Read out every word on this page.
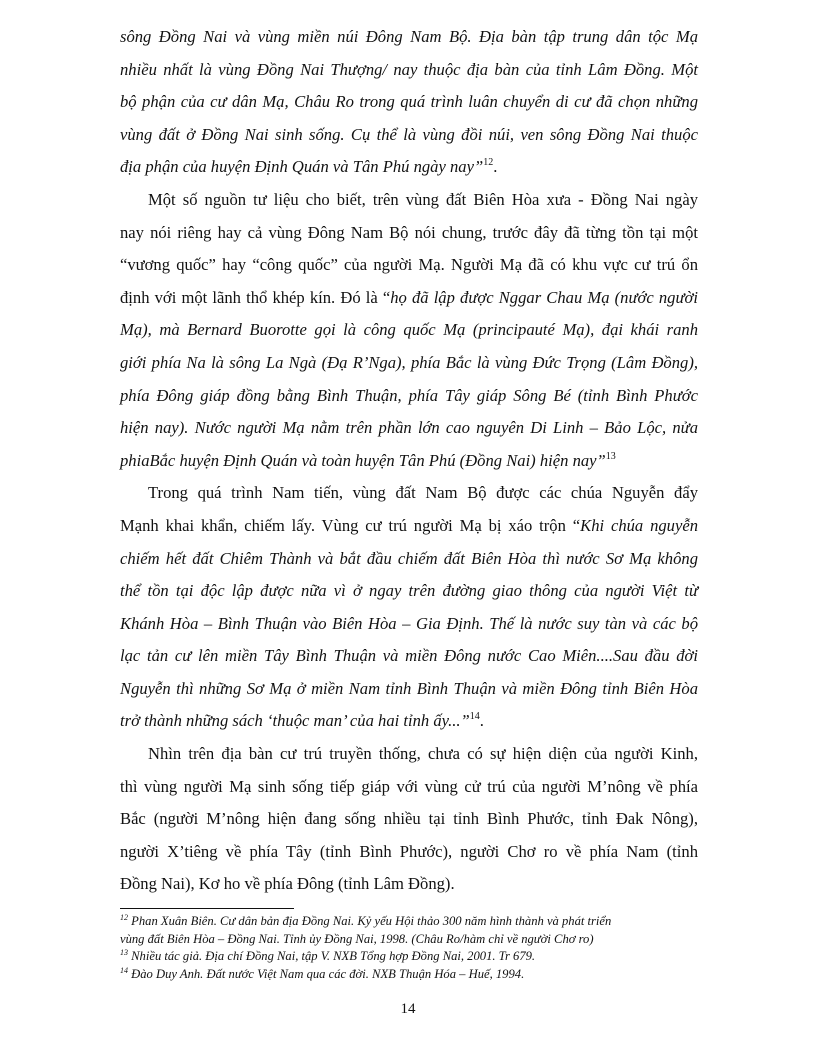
sông Đồng Nai và vùng miền núi Đông Nam Bộ. Địa bàn tập trung dân tộc Mạ
nhiều nhất là vùng Đồng Nai Thượng/ nay thuộc địa bàn của tỉnh Lâm Đồng. Một
bộ phận của cư dân Mạ, Châu Ro trong quá trình luân chuyển di cư đã chọn những
vùng đất ở Đồng Nai sinh sống. Cụ thể là vùng đồi núi, ven sông Đồng Nai thuộc
địa phận của huyện Định Quán và Tân Phú ngày nay”$^{12}$.
Một số nguồn tư liệu cho biết, trên vùng đất Biên Hòa xưa - Đồng Nai ngày
nay nói riêng hay cả vùng Đông Nam Bộ nói chung, trước đây đã từng tồn tại một
“vương quốc” hay “công quốc” của người Mạ. Người Mạ đã có khu vực cư trú ổn
định với một lãnh thổ khép kín. Đó là “họ đã lập được Nggar Chau Mạ (nước người
Mạ), mà Bernard Buorotte gọi là công quốc Mạ (principauté Mạ), đại khái ranh
giới phía Na là sông La Ngà (Đạ R’Nga), phía Bắc là vùng Đức Trọng (Lâm Đồng),
phía Đông giáp đồng bằng Bình Thuận, phía Tây giáp Sông Bé (tỉnh Bình Phước
hiện nay). Nước người Mạ nằm trên phần lớn cao nguyên Di Linh – Bảo Lộc, nửa
phiaBắc huyện Định Quán và toàn huyện Tân Phú (Đồng Nai) hiện nay”$^{13}$
Trong quá trình Nam tiến, vùng đất Nam Bộ được các chúa Nguyễn đẩy
Mạnh khai khẩn, chiếm lấy. Vùng cư trú người Mạ bị xáo trộn “Khi chúa nguyễn
chiếm hết đất Chiêm Thành và bắt đầu chiếm đất Biên Hòa thì nước Sơ Mạ không
thể tồn tại độc lập được nữa vì ở ngay trên đường giao thông của người Việt từ
Khánh Hòa – Bình Thuận vào Biên Hòa – Gia Định. Thế là nước suy tàn và các bộ
lạc tản cư lên miền Tây Bình Thuận và miền Đông nước Cao Miên....Sau đầu đời
Nguyễn thì những Sơ Mạ ở miền Nam tỉnh Bình Thuận và miền Đông tỉnh Biên Hòa
trở thành những sách ‘thuộc man’ của hai tỉnh ấy...”$^{14}$.
Nhìn trên địa bàn cư trú truyền thống, chưa có sự hiện diện của người Kinh,
thì vùng người Mạ sinh sống tiếp giáp với vùng cử trú của người M’nông về phía
Bắc (người M’nông hiện đang sống nhiều tại tỉnh Bình Phước, tỉnh Đak Nông),
người X’tiêng về phía Tây (tỉnh Bình Phước), người Chơ ro về phía Nam (tỉnh
Đồng Nai), Kơ ho về phía Đông (tỉnh Lâm Đồng).
$^{12}$ Phan Xuân Biên. Cư dân bản địa Đồng Nai. Kỷ yếu Hội thảo 300 năm hình thành và phát triển
vùng đất Biên Hòa – Đồng Nai. Tỉnh ủy Đồng Nai, 1998. (Châu Ro/hàm chỉ về người Chơ ro)
$^{13}$ Nhiều tác giả. Địa chí Đồng Nai, tập V. NXB Tổng hợp Đồng Nai, 2001. Tr 679.
$^{14}$ Đào Duy Anh. Đất nước Việt Nam qua các đời. NXB Thuận Hóa – Huế, 1994.
14
